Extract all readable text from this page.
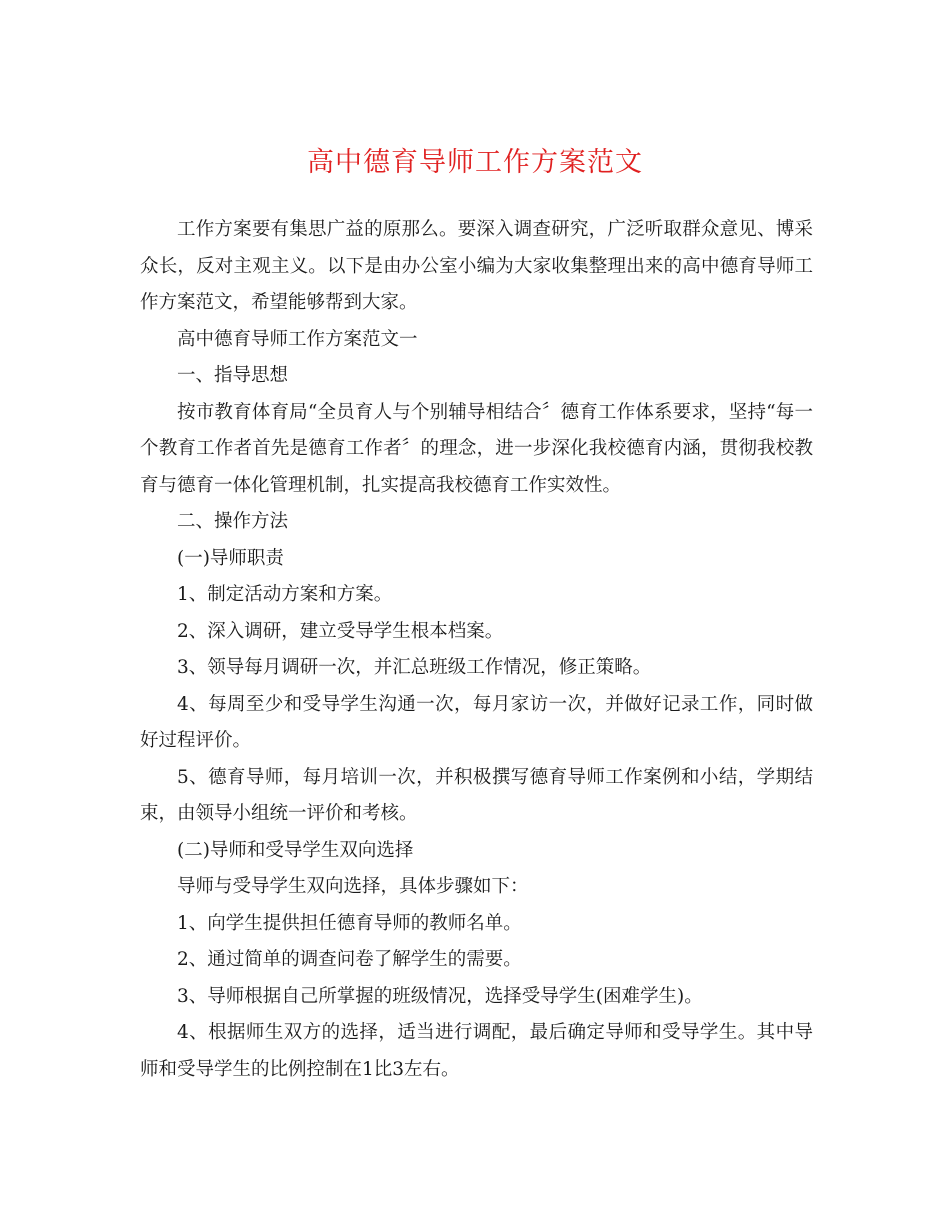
高中德育导师工作方案范文

工作方案要有集思广益的原那么。要深入调查研究，广泛听取群众意见、博采众长，反对主观主义。以下是由办公室小编为大家收集整理出来的高中德育导师工作方案范文，希望能够帮到大家。

高中德育导师工作方案范文一

一、指导思想

按市教育体育局“全员育人与个别辅导相结合〞德育工作体系要求，坚持“每一个教育工作者首先是德育工作者〞的理念，进一步深化我校德育内涵，贯彻我校教育与德育一体化管理机制，扎实提高我校德育工作实效性。

二、操作方法

(一)导师职责

1、制定活动方案和方案。

2、深入调研，建立受导学生根本档案。

3、领导每月调研一次，并汇总班级工作情况，修正策略。

4、每周至少和受导学生沟通一次，每月家访一次，并做好记录工作，同时做好过程评价。

5、德育导师，每月培训一次，并积极撰写德育导师工作案例和小结，学期结束，由领导小组统一评价和考核。

(二)导师和受导学生双向选择

导师与受导学生双向选择，具体步骤如下：

1、向学生提供担任德育导师的教师名单。

2、通过简单的调查问卷了解学生的需要。

3、导师根据自己所掌握的班级情况，选择受导学生(困难学生)。

4、根据师生双方的选择，适当进行调配，最后确定导师和受导学生。其中导师和受导学生的比例控制在1比3左右。
